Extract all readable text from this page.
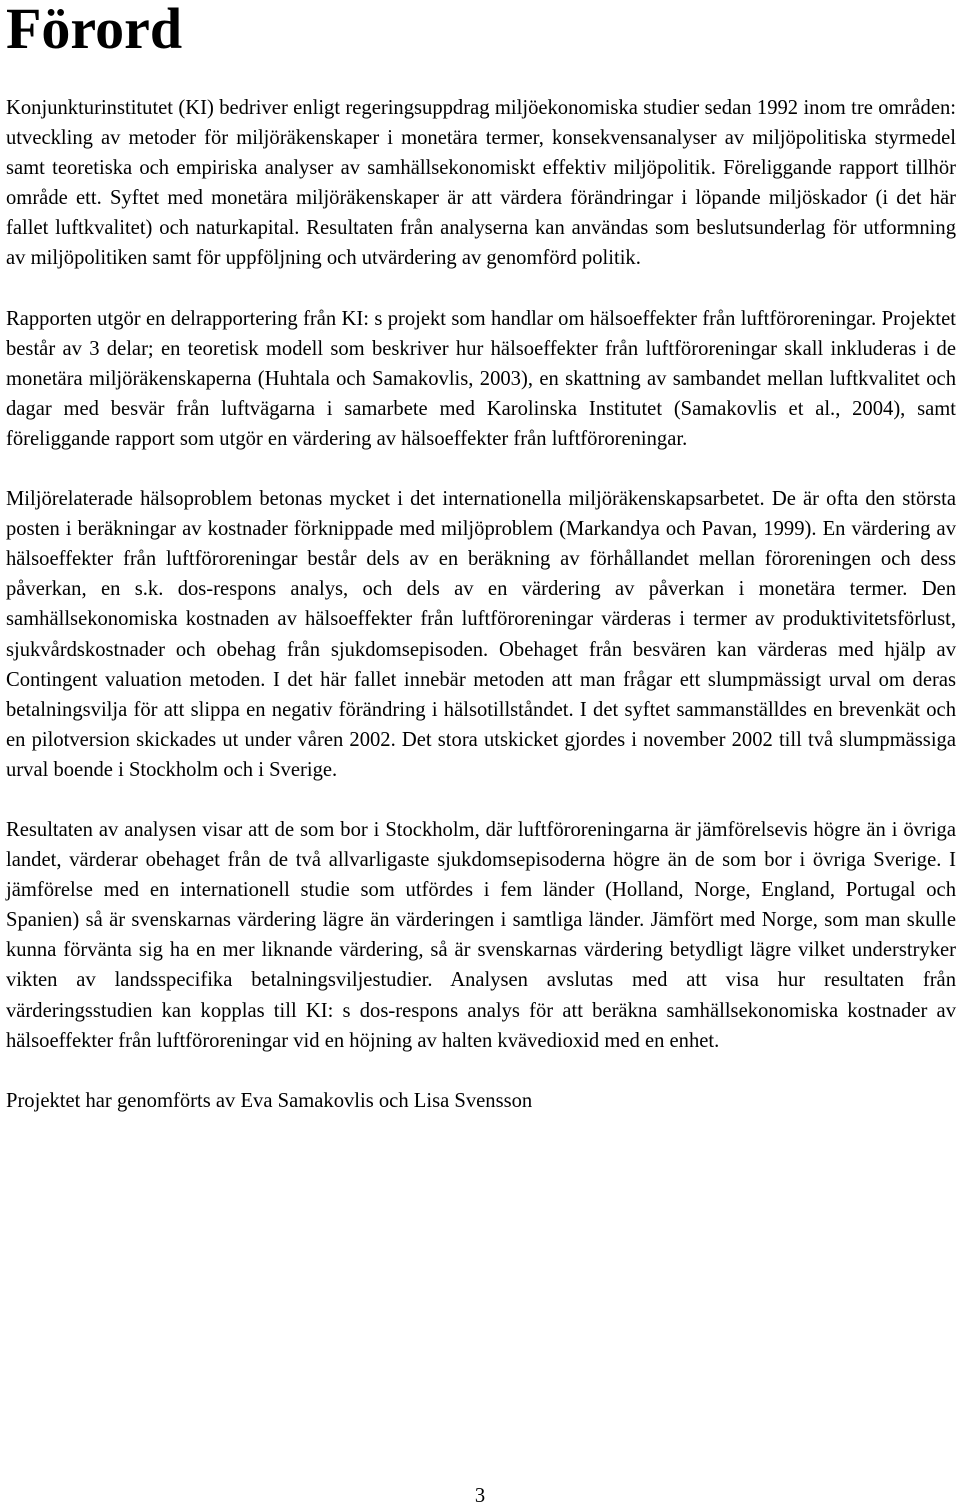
Förord

Konjunkturinstitutet (KI) bedriver enligt regeringsuppdrag miljöekonomiska studier sedan 1992 inom tre områden: utveckling av metoder för miljöräkenskaper i monetära termer, konsekvensanalyser av miljöpolitiska styrmedel samt teoretiska och empiriska analyser av samhällsekonomiskt effektiv miljöpolitik. Föreliggande rapport tillhör område ett. Syftet med monetära miljöräkenskaper är att värdera förändringar i löpande miljöskador (i det här fallet luftkvalitet) och naturkapital. Resultaten från analyserna kan användas som beslutsunderlag för utformning av miljöpolitiken samt för uppföljning och utvärdering av genomförd politik.

Rapporten utgör en delrapportering från KI: s projekt som handlar om hälsoeffekter från luftföroreningar. Projektet består av 3 delar; en teoretisk modell som beskriver hur hälsoeffekter från luftföroreningar skall inkluderas i de monetära miljöräkenskaperna (Huhtala och Samakovlis, 2003), en skattning av sambandet mellan luftkvalitet och dagar med besvär från luftvägarna i samarbete med Karolinska Institutet (Samakovlis et al., 2004), samt föreliggande rapport som utgör en värdering av hälsoeffekter från luftföroreningar.

Miljörelaterade hälsoproblem betonas mycket i det internationella miljöräkenskapsarbetet. De är ofta den största posten i beräkningar av kostnader förknippade med miljöproblem (Markandya och Pavan, 1999). En värdering av hälsoeffekter från luftföroreningar består dels av en beräkning av förhållandet mellan föroreningen och dess påverkan, en s.k. dos-respons analys, och dels av en värdering av påverkan i monetära termer. Den samhällsekonomiska kostnaden av hälsoeffekter från luftföroreningar värderas i termer av produktivitetsförlust, sjukvårdskostnader och obehag från sjukdomsepisoden. Obehaget från besvären kan värderas med hjälp av Contingent valuation metoden. I det här fallet innebär metoden att man frågar ett slumpmässigt urval om deras betalningsvilja för att slippa en negativ förändring i hälsotillståndet. I det syftet sammanställdes en brevenkät och en pilotversion skickades ut under våren 2002. Det stora utskicket gjordes i november 2002 till två slumpmässiga urval boende i Stockholm och i Sverige.

Resultaten av analysen visar att de som bor i Stockholm, där luftföroreningarna är jämförelsevis högre än i övriga landet, värderar obehaget från de två allvarligaste sjukdomsepisoderna högre än de som bor i övriga Sverige. I jämförelse med en internationell studie som utfördes i fem länder (Holland, Norge, England, Portugal och Spanien) så är svenskarnas värdering lägre än värderingen i samtliga länder. Jämfört med Norge, som man skulle kunna förvänta sig ha en mer liknande värdering, så är svenskarnas värdering betydligt lägre vilket understryker vikten av landsspecifika betalningsviljestudier. Analysen avslutas med att visa hur resultaten från värderingsstudien kan kopplas till KI: s dos-respons analys för att beräkna samhällsekonomiska kostnader av hälsoeffekter från luftföroreningar vid en höjning av halten kvävedioxid med en enhet.

Projektet har genomförts av Eva Samakovlis och Lisa Svensson

3
